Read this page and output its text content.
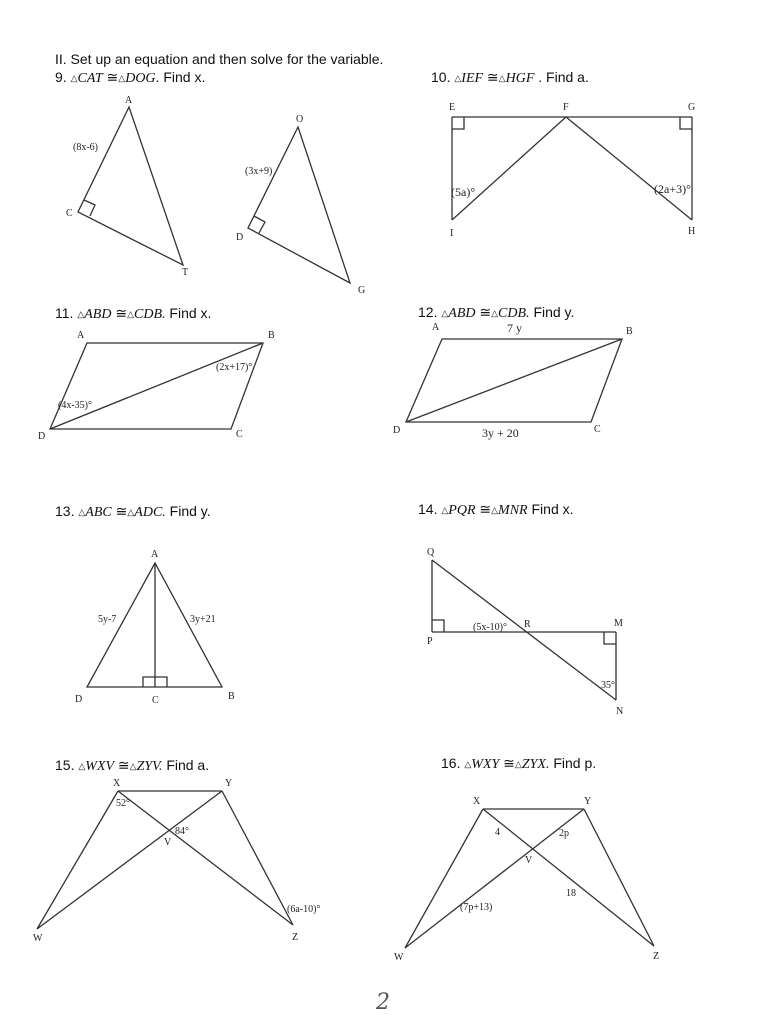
II. Set up an equation and then solve for the variable.
9. △CAT ≅△DOG. Find x.	10. △IEF ≅△HGF . Find a.
11. △ABD ≅△CDB. Find x.	12. △ABD ≅△CDB. Find y.
13. △ABC ≅△ADC. Find y.	14. △PQR ≅△MNR Find x.
15. △WXV ≅△ZYV. Find a.	16. △WXY ≅△ZYX. Find p.
A
C
T
O
D
G
(8x-6)
(3x+9)
E	F	G
I	H
(5a)°	(2a+3)°
A	B
D	C
(2x+17)°
(4x-35)°
A	B
D	C
7 y
3y + 20
A
D	C	B
5y-7	3y+21
Q
P
R	M
N
(5x-10)°
35°
X	Y
W	Z
V
52°
84°
(6a-10)°
X	Y
V
W	Z
4	2p
18
(7p+13)
2
